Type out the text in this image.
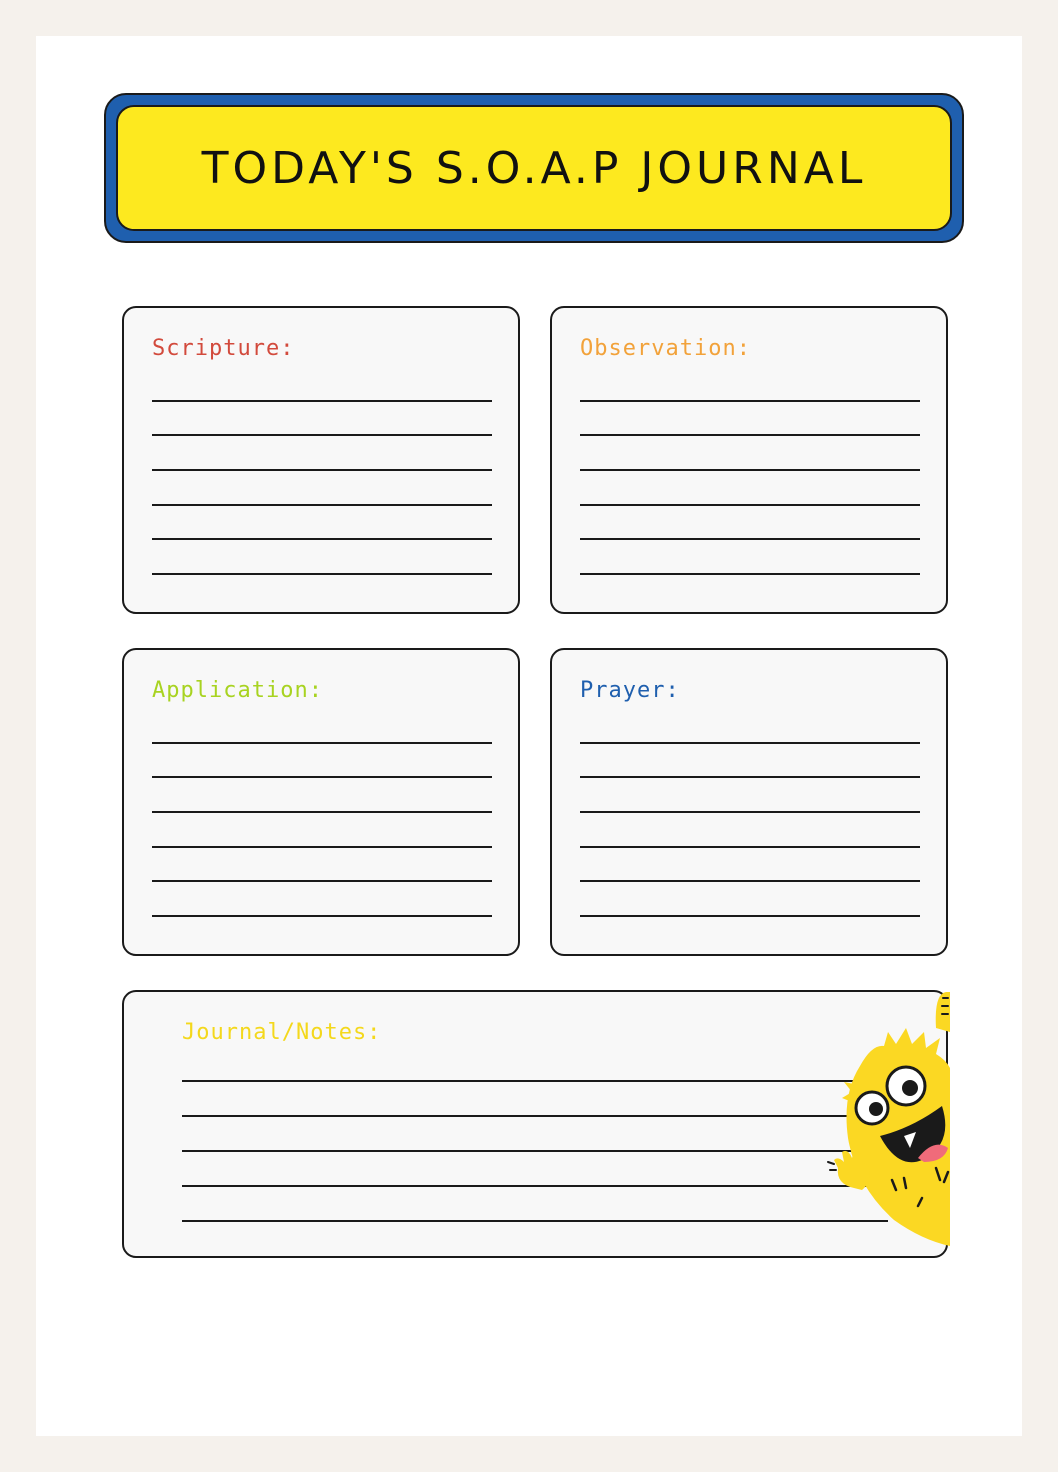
TODAY'S S.O.A.P JOURNAL
Scripture:	Observation:
Application:	Prayer:
Journal/Notes:
